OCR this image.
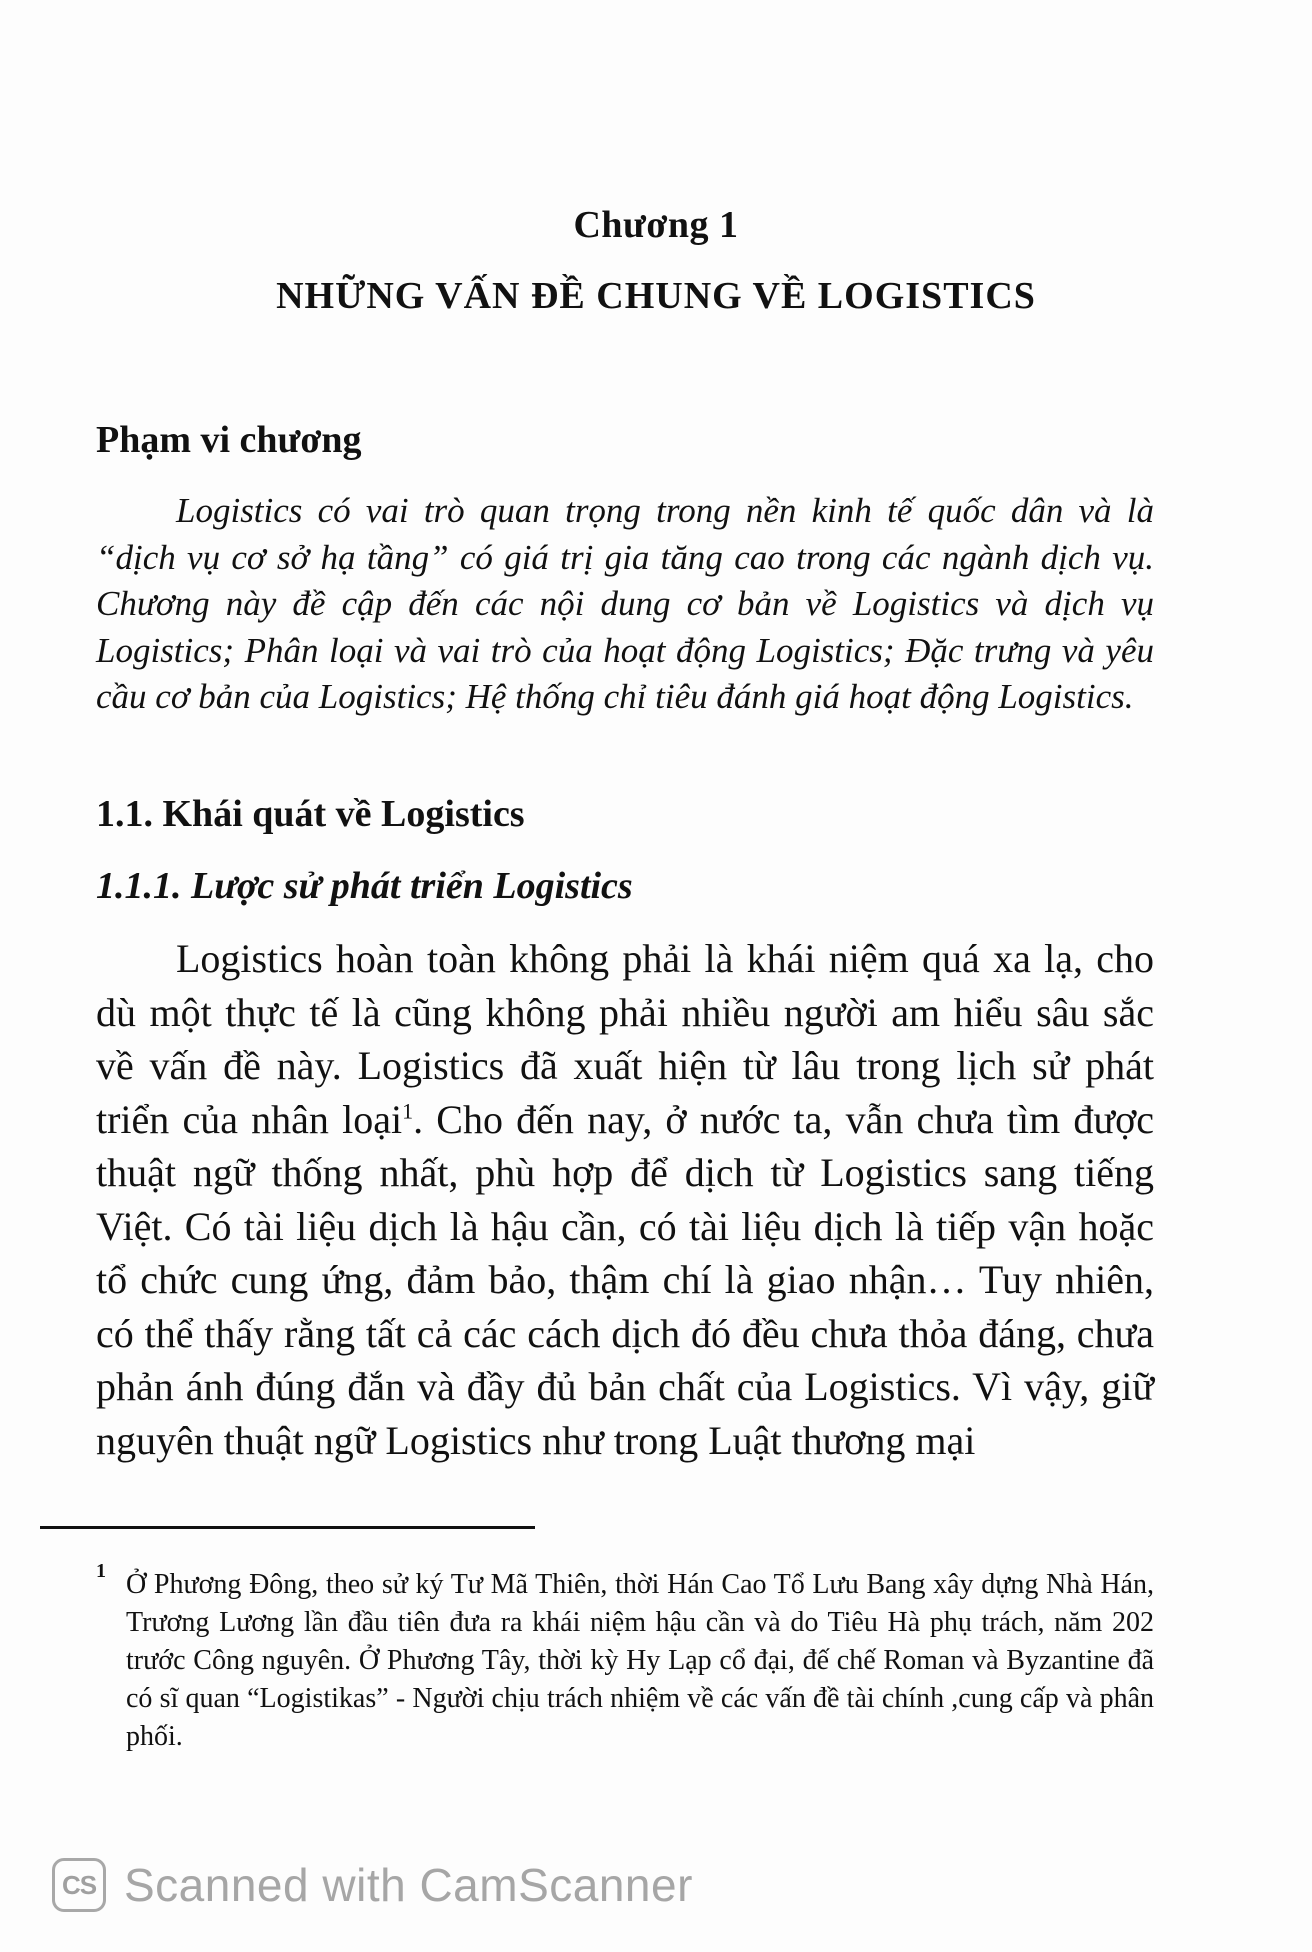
Chương 1
NHỮNG VẤN ĐỀ CHUNG VỀ LOGISTICS
Phạm vi chương
Logistics có vai trò quan trọng trong nền kinh tế quốc dân và là “dịch vụ cơ sở hạ tầng” có giá trị gia tăng cao trong các ngành dịch vụ. Chương này đề cập đến các nội dung cơ bản về Logistics và dịch vụ Logistics; Phân loại và vai trò của hoạt động Logistics; Đặc trưng và yêu cầu cơ bản của Logistics; Hệ thống chỉ tiêu đánh giá hoạt động Logistics.
1.1. Khái quát về Logistics
1.1.1. Lược sử phát triển Logistics
Logistics hoàn toàn không phải là khái niệm quá xa lạ, cho dù một thực tế là cũng không phải nhiều người am hiểu sâu sắc về vấn đề này. Logistics đã xuất hiện từ lâu trong lịch sử phát triển của nhân loại$^1$. Cho đến nay, ở nước ta, vẫn chưa tìm được thuật ngữ thống nhất, phù hợp để dịch từ Logistics sang tiếng Việt. Có tài liệu dịch là hậu cần, có tài liệu dịch là tiếp vận hoặc tổ chức cung ứng, đảm bảo, thậm chí là giao nhận… Tuy nhiên, có thể thấy rằng tất cả các cách dịch đó đều chưa thỏa đáng, chưa phản ánh đúng đắn và đầy đủ bản chất của Logistics. Vì vậy, giữ nguyên thuật ngữ Logistics như trong Luật thương mại
1 Ở Phương Đông, theo sử ký Tư Mã Thiên, thời Hán Cao Tổ Lưu Bang xây dựng Nhà Hán, Trương Lương lần đầu tiên đưa ra khái niệm hậu cần và do Tiêu Hà phụ trách, năm 202 trước Công nguyên. Ở Phương Tây, thời kỳ Hy Lạp cổ đại, đế chế Roman và Byzantine đã có sĩ quan “Logistikas” - Người chịu trách nhiệm về các vấn đề tài chính ,cung cấp và phân phối.
CS Scanned with CamScanner
